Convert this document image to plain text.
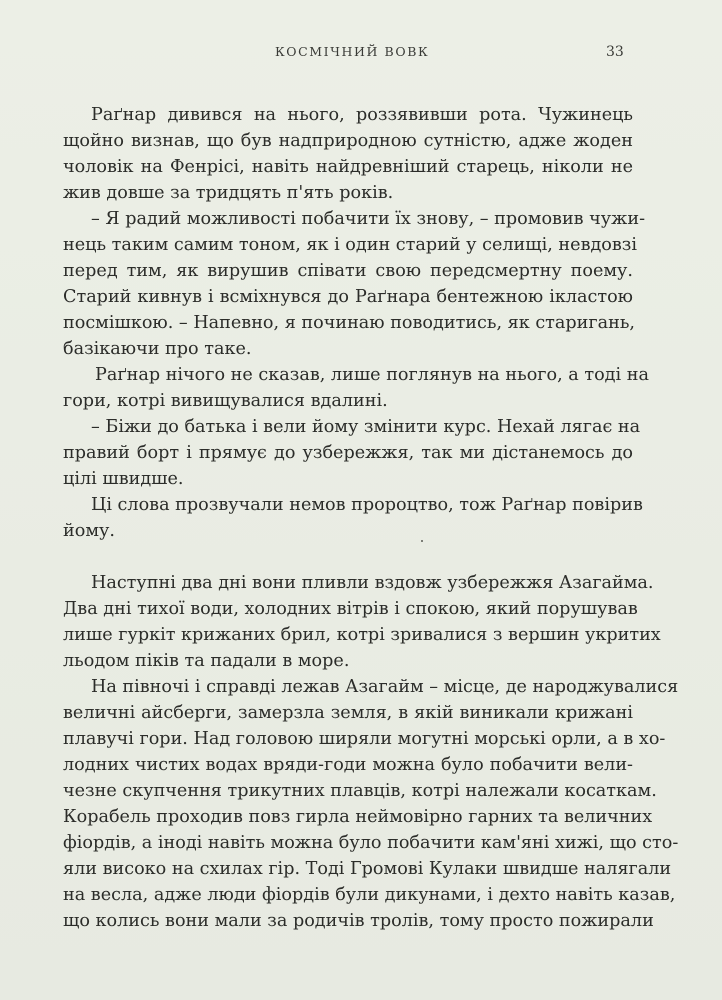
КОСМІЧНИЙ ВОВК	33
Раґнар дивився на нього, роззявивши рота. Чужинець
щойно визнав, що був надприродною сутністю, адже жоден
чоловік на Фенрісі, навіть найдревніший старець, ніколи не
жив довше за тридцять п'ять років.
– Я радий можливості побачити їх знову, – промовив чужи-
нець таким самим тоном, як і один старий у селищі, невдовзі
перед тим, як вирушив співати свою передсмертну поему.
Старий кивнув і всміхнувся до Раґнара бентежною ікластою
посмішкою. – Напевно, я починаю поводитись, як старигань,
базікаючи про таке.
Раґнар нічого не сказав, лише поглянув на нього, а тоді на
гори, котрі вивищувалися вдалині.
– Біжи до батька і вели йому змінити курс. Нехай лягає на
правий борт і прямує до узбережжя, так ми дістанемось до
цілі швидше.
Ці слова прозвучали немов пророцтво, тож Раґнар повірив
йому.
Наступні два дні вони пливли вздовж узбережжя Азагайма.
Два дні тихої води, холодних вітрів і спокою, який порушував
лише гуркіт крижаних брил, котрі зривалися з вершин укритих
льодом піків та падали в море.
На півночі і справді лежав Азагайм – місце, де народжувалися
величні айсберги, замерзла земля, в якій виникали крижані
плавучі гори. Над головою ширяли могутні морські орли, а в хо-
лодних чистих водах вряди-годи можна було побачити вели-
чезне скупчення трикутних плавців, котрі належали косаткам.
Корабель проходив повз гирла неймовірно гарних та величних
фіордів, а іноді навіть можна було побачити кам'яні хижі, що сто-
яли високо на схилах гір. Тоді Громові Кулаки швидше налягали
на весла, адже люди фіордів були дикунами, і дехто навіть казав,
що колись вони мали за родичів тролів, тому просто пожирали
